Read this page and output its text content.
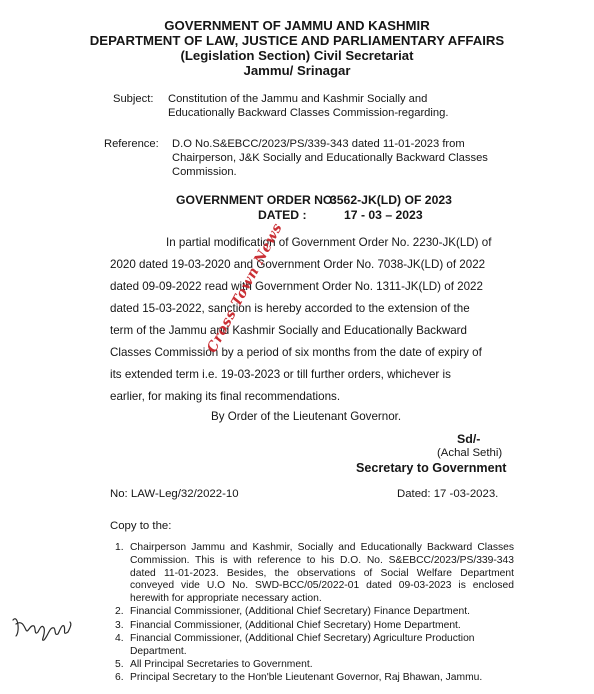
GOVERNMENT OF JAMMU AND KASHMIR
DEPARTMENT OF LAW, JUSTICE AND PARLIAMENTARY AFFAIRS
(Legislation Section) Civil Secretariat
Jammu/ Srinagar
Subject: Constitution of the Jammu and Kashmir Socially and
Educationally Backward Classes Commission-regarding.
Reference: D.O No.S&EBCC/2023/PS/339-343 dated 11-01-2023 from
Chairperson, J&K Socially and Educationally Backward Classes
Commission.
GOVERNMENT ORDER NO:
3562-JK(LD) OF 2023
DATED :	17 - 03 – 2023
In partial modification of Government Order No. 2230-JK(LD) of
2020 dated 19-03-2020 and Government Order No. 7038-JK(LD) of 2022
dated 09-09-2022 read with Government Order No. 1311-JK(LD) of 2022
dated 15-03-2022, sanction is hereby accorded to the extension of the
term of the Jammu and Kashmir Socially and Educationally Backward
Classes Commission by a period of six months from the date of expiry of
its extended term i.e. 19-03-2023 or till further orders, whichever is
earlier, for making its final recommendations.
By Order of the Lieutenant Governor.
Sd/-
(Achal Sethi)
Secretary to Government
No: LAW-Leg/32/2022-10	Dated: 17 -03-2023.
Copy to the:
1. Chairperson Jammu and Kashmir, Socially and Educationally Backward Classes Commission. This is with reference to his D.O. No. S&EBCC/2023/PS/339-343 dated 11-01-2023. Besides, the observations of Social Welfare Department conveyed vide U.O No. SWD-BCC/05/2022-01 dated 09-03-2023 is enclosed herewith for appropriate necessary action.
2. Financial Commissioner, (Additional Chief Secretary) Finance Department.
3. Financial Commissioner, (Additional Chief Secretary) Home Department.
4. Financial Commissioner, (Additional Chief Secretary) Agriculture Production Department.
5. All Principal Secretaries to Government.
6. Principal Secretary to the Hon'ble Lieutenant Governor, Raj Bhawan, Jammu.
Cross Town News
